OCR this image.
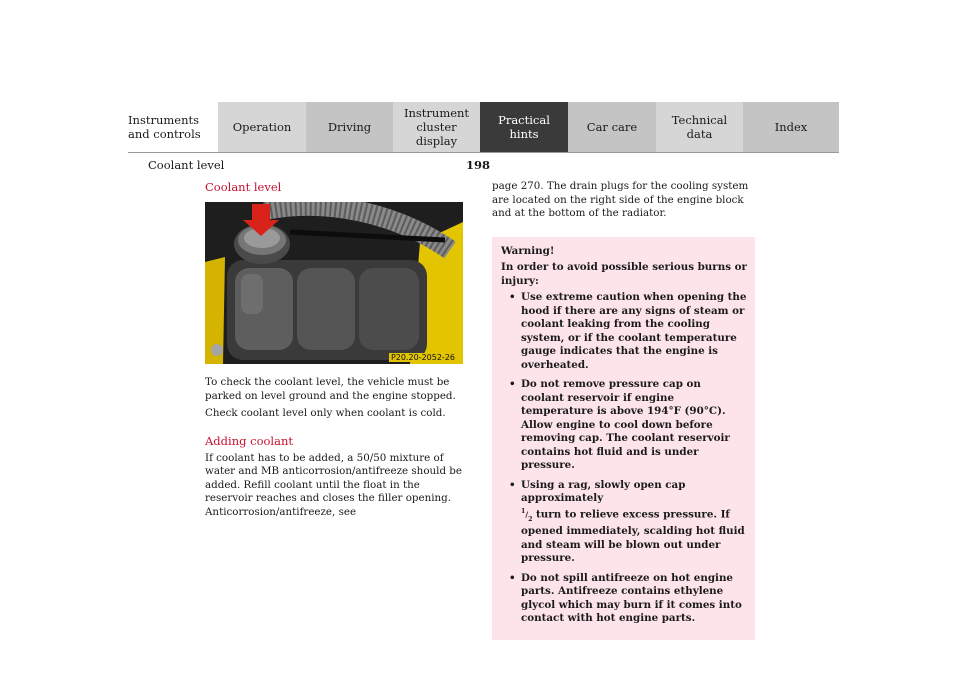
Instruments
and controls	Operation	Driving
Instrument
cluster display
Practical hints	Car care	Technical
data	Index
Coolant level	198
Coolant level
P20.20-2052-26

To check the coolant level, the vehicle must be parked on level ground and the engine stopped.

Check coolant level only when coolant is cold.

Adding coolant

If coolant has to be added, a 50/50 mixture of water and MB anticorrosion/antifreeze should be added. Refill coolant until the float in the reservoir reaches and closes the filler opening. Anticorrosion/antifreeze, see

page 270. The drain plugs for the cooling system are located on the right side of the engine block and at the bottom of the radiator.

Warning!
In order to avoid possible serious burns or injury:
• Use extreme caution when opening the hood if there are any signs of steam or coolant leaking from the cooling system, or if the coolant temperature gauge indicates that the engine is overheated.
• Do not remove pressure cap on coolant reservoir if engine temperature is above 194°F (90°C). Allow engine to cool down before removing cap. The coolant reservoir contains hot fluid and is under pressure.
• Using a rag, slowly open cap approximately
$^1/_2$ turn to relieve excess pressure. If opened immediately, scalding hot fluid and steam will be blown out under pressure.
• Do not spill antifreeze on hot engine parts. Antifreeze contains ethylene glycol which may burn if it comes into contact with hot engine parts.
